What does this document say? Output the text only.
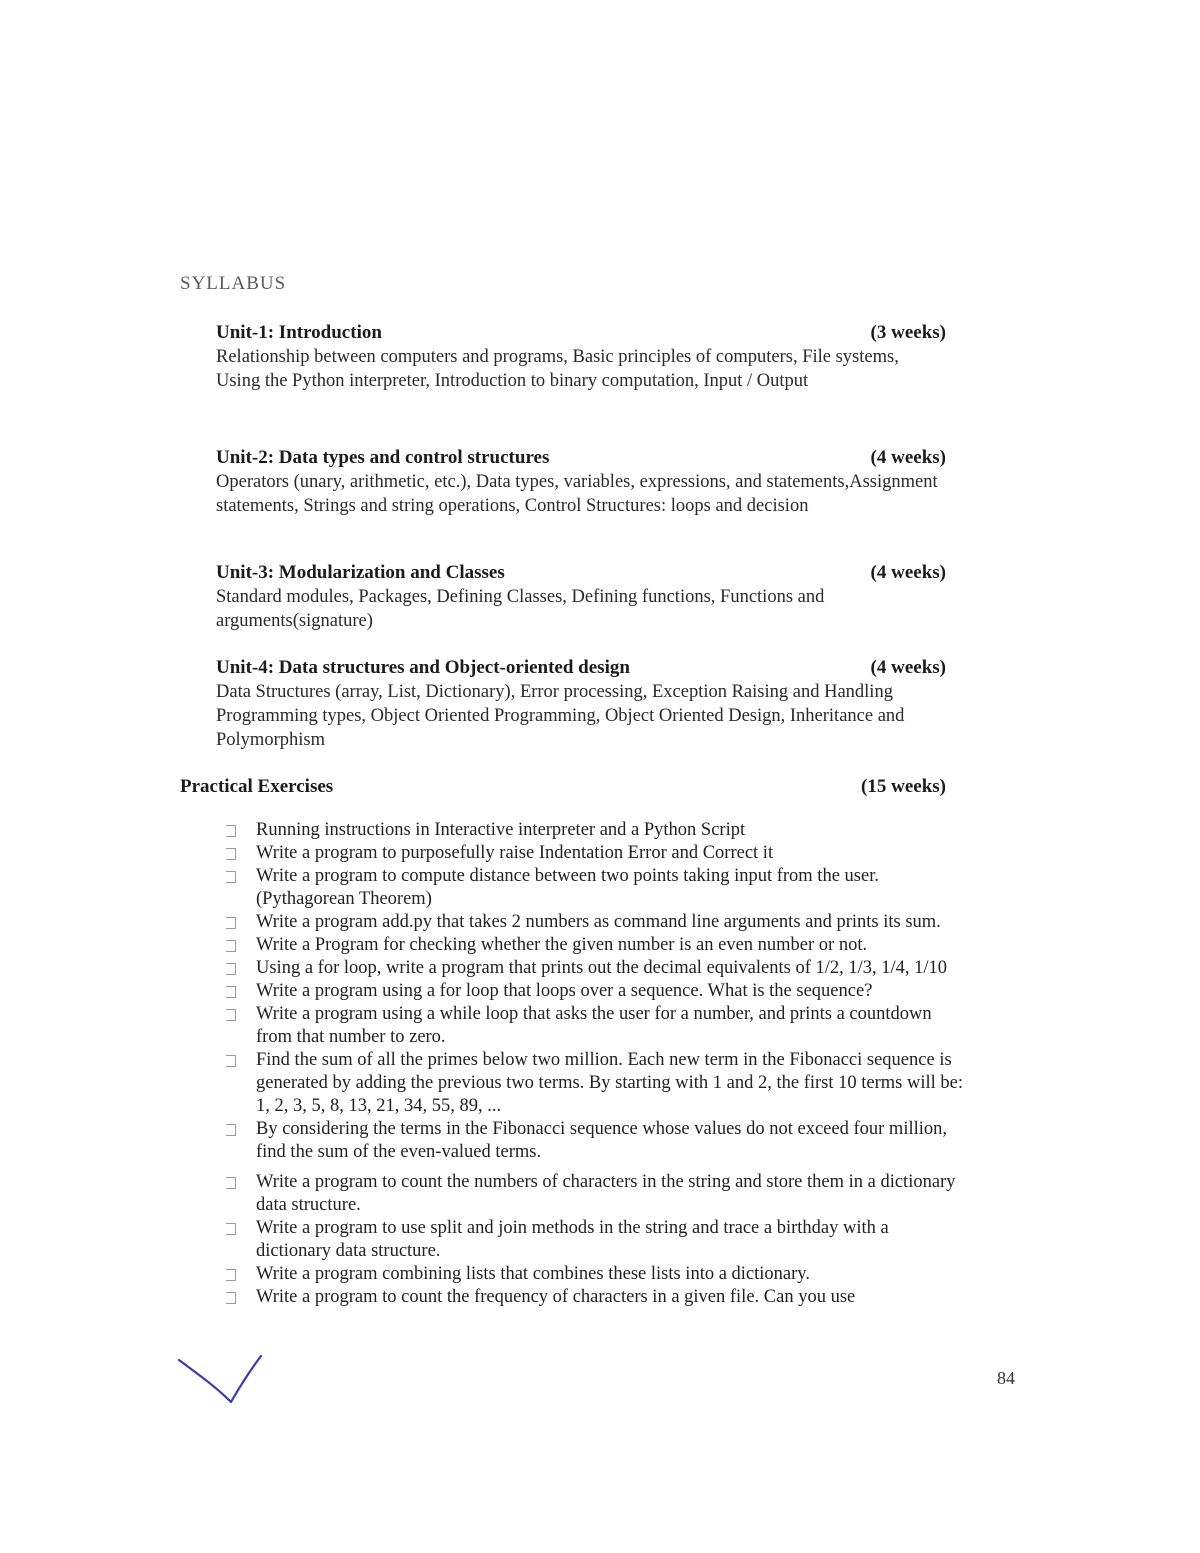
SYLLABUS
Unit-1: Introduction	(3 weeks)
Relationship between computers and programs, Basic principles of computers, File systems, Using the Python interpreter, Introduction to binary computation, Input / Output
Unit-2: Data types and control structures	(4 weeks)
Operators (unary, arithmetic, etc.), Data types, variables, expressions, and statements,Assignment statements, Strings and string operations, Control Structures: loops and decision
Unit-3: Modularization and Classes	(4 weeks)
Standard modules, Packages, Defining Classes, Defining functions, Functions and arguments(signature)
Unit-4: Data structures and Object-oriented design	(4 weeks)
Data Structures (array, List, Dictionary), Error processing, Exception Raising and Handling Programming types, Object Oriented Programming, Object Oriented Design, Inheritance and Polymorphism
Practical Exercises	(15 weeks)
Running instructions in Interactive interpreter and a Python Script
Write a program to purposefully raise Indentation Error and Correct it
Write a program to compute distance between two points taking input from the user. (Pythagorean Theorem)
Write a program add.py that takes 2 numbers as command line arguments and prints its sum.
Write a Program for checking whether the given number is an even number or not.
Using a for loop, write a program that prints out the decimal equivalents of 1/2, 1/3, 1/4, 1/10
Write a program using a for loop that loops over a sequence. What is the sequence?
Write a program using a while loop that asks the user for a number, and prints a countdown from that number to zero.
Find the sum of all the primes below two million. Each new term in the Fibonacci sequence is generated by adding the previous two terms. By starting with 1 and 2, the first 10 terms will be: 1, 2, 3, 5, 8, 13, 21, 34, 55, 89, ...
By considering the terms in the Fibonacci sequence whose values do not exceed four million, find the sum of the even-valued terms.
Write a program to count the numbers of characters in the string and store them in a dictionary data structure.
Write a program to use split and join methods in the string and trace a birthday with a dictionary data structure.
Write a program combining lists that combines these lists into a dictionary.
Write a program to count the frequency of characters in a given file. Can you use
84
